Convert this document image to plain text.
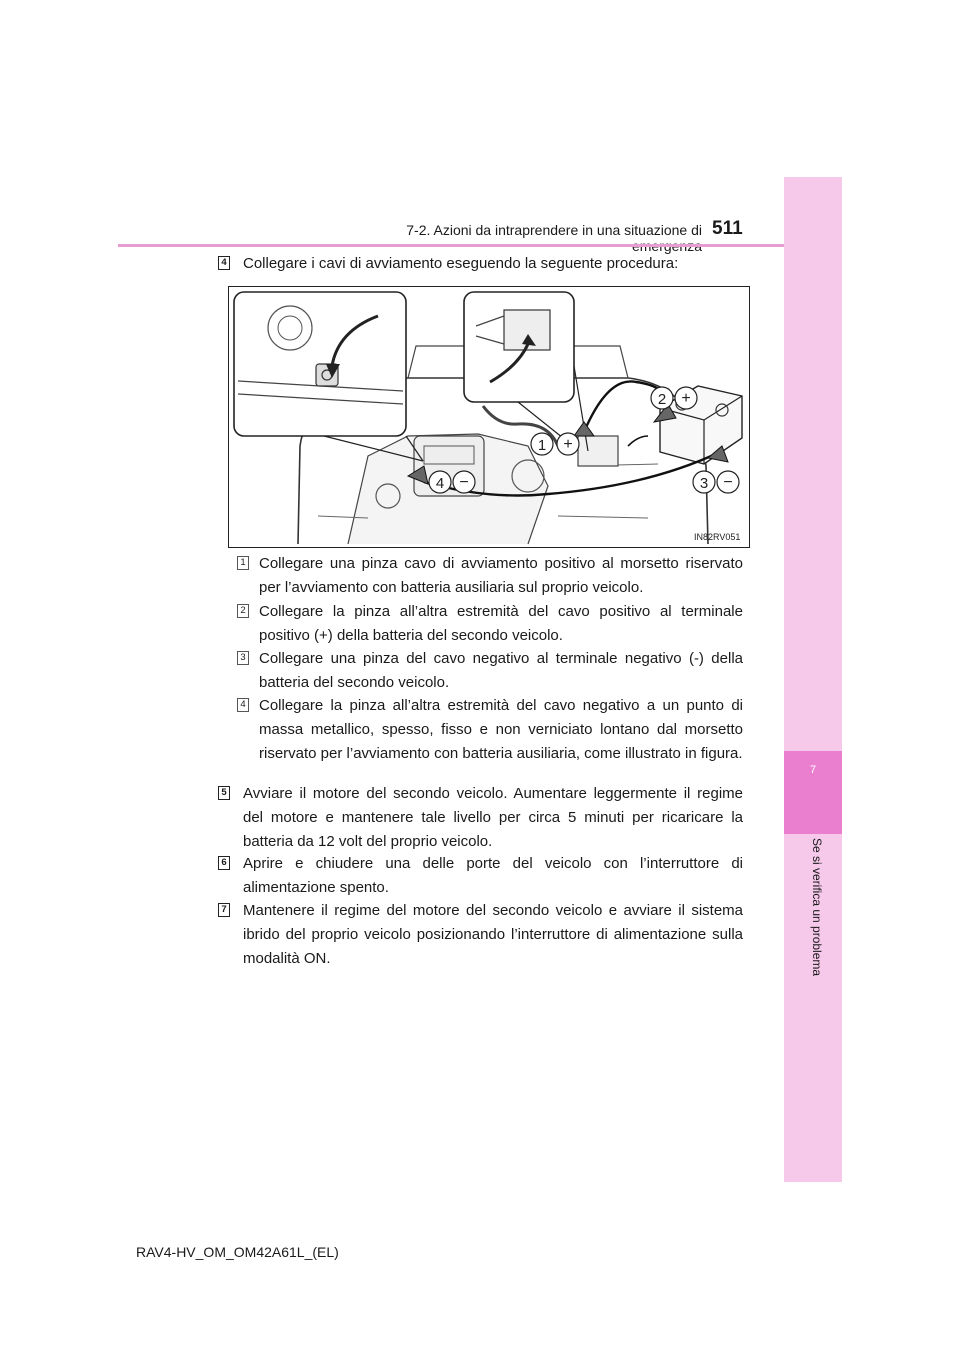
7-2. Azioni da intraprendere in una situazione di 511
7
Se si verifica un problema
4 Collegare i cavi di avviamento eseguendo la seguente procedura:
1 +
2 +
3 −
4 −
IN82RV051
1 Collegare una pinza cavo di avviamento positivo al morsetto riservato per l’avviamento con batteria ausiliaria sul proprio veicolo.
2 Collegare la pinza all’altra estremità del cavo positivo al terminale positivo (+) della batteria del secondo veicolo.
3 Collegare una pinza del cavo negativo al terminale negativo (-) della batteria del secondo veicolo.
4 Collegare la pinza all’altra estremità del cavo negativo a un punto di massa metallico, spesso, fisso e non verniciato lontano dal morsetto riservato per l’avviamento con batteria ausiliaria, come illustrato in figura.
5 Avviare il motore del secondo veicolo. Aumentare leggermente il regime del motore e mantenere tale livello per circa 5 minuti per ricaricare la batteria da 12 volt del proprio veicolo.
6 Aprire e chiudere una delle porte del veicolo con l’interruttore di alimentazione spento.
7 Mantenere il regime del motore del secondo veicolo e avviare il sistema ibrido del proprio veicolo posizionando l’interruttore di alimentazione sulla modalità ON.
RAV4-HV_OM_OM42A61L_(EL)
